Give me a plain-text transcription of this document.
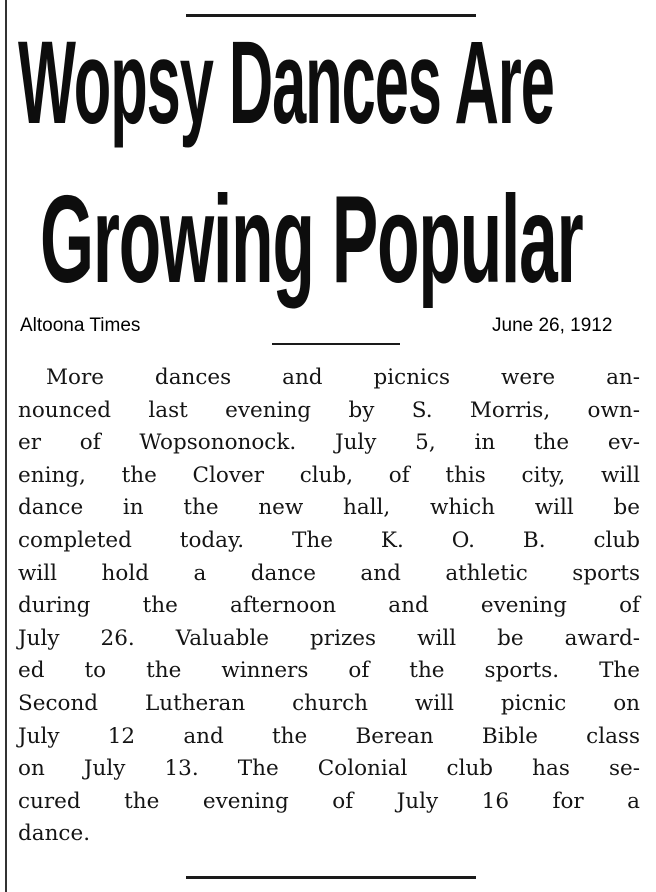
Wopsy Dances Are
Growing Popular
Altoona Times	June 26, 1912
More dances and picnics were an-
nounced last evening by S. Morris, own-
er of Wopsononock. July 5, in the ev-
ening, the Clover club, of this city, will
dance in the new hall, which will be
completed today. The K. O. B. club
will hold a dance and athletic sports
during the afternoon and evening of
July 26. Valuable prizes will be award-
ed to the winners of the sports. The
Second Lutheran church will picnic on
July 12 and the Berean Bible class
on July 13. The Colonial club has se-
cured the evening of July 16 for a
dance.
